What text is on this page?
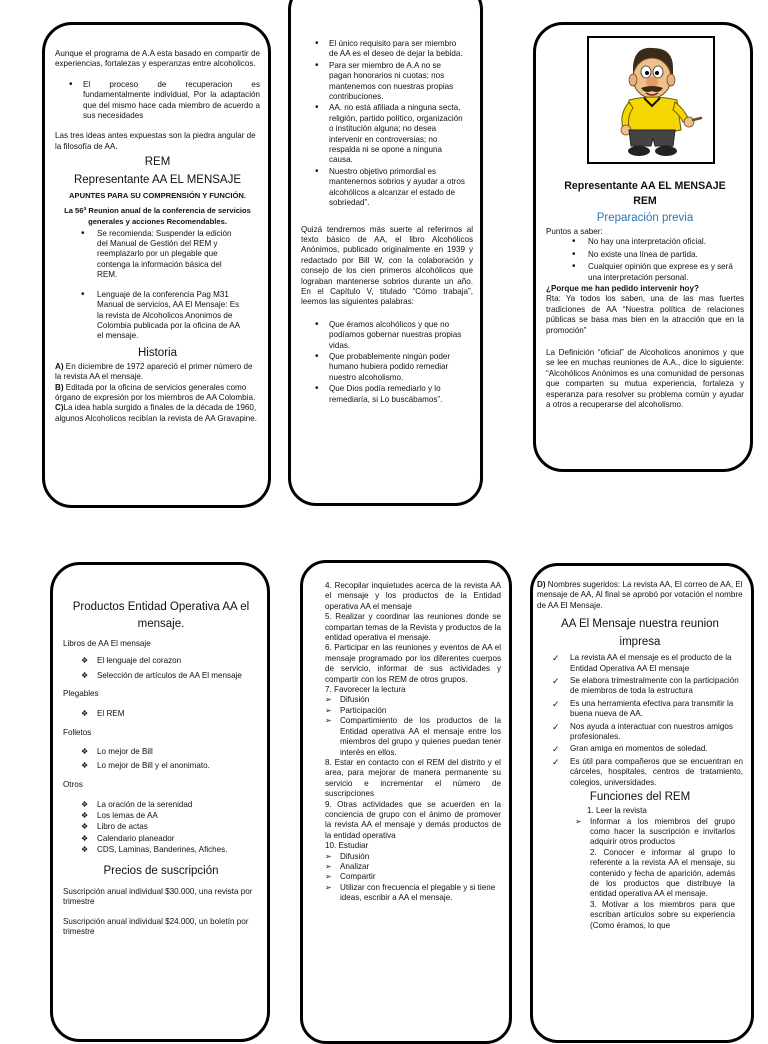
Aunque el programa de A.A esta basado en compartir de experiencias, fortalezas y esperanzas entre alcoholicos.

• El proceso de recuperacion es fundamentalmente individual, Por la adaptación que del mismo hace cada miembro de acuerdo a sus necesidades

Las tres ideas antes expuestas son la piedra angular de la filosofía de AA.

REM

Representante AA EL MENSAJE

APUNTES PARA SU COMPRENSIÓN Y FUNCIÓN.

La 56ª Reunion anual de la conferencia de servicios generales y acciones Recomendables.

• Se recomienda: Suspender la edición del Manual de Gestión del REM y reemplazarlo por un plegable que contenga la información básica del REM.
• Lenguaje de la conferencia Pag M31 Manual de servicios, AA El Mensaje: Es la revista de Alcoholicos Anonimos de Colombia publicada por la oficina de AA el mensaje.

Historia

A) En diciembre de 1972 apareció el primer número de la revista AA el mensaje.

B) Editada por la oficina de servicios generales como órgano de expresión por los miembros de AA Colombia.

C)La idea había surgido a finales de la década de 1960, algunos Alcoholicos recibían la revista de AA Gravapine.

• El único requisito para ser miembro de AA es el deseo de dejar la bebida.
• Para ser miembro de A.A no se pagan honorarios ni cuotas; nos mantenemos con nuestras propias contribuciones.
• AA. no está afiliada a ninguna secta, religión, partido político, organización o institución alguna; no desea intervenir en controversias; no respalda ni se opone a ninguna causa.
• Nuestro objetivo primordial es mantenernos sobrios y ayudar a otros alcohólicos a alcanzar el estado de sobriedad”.

Quizá tendremos más suerte al referirnos al texto básico de AA, el libro Alcohólicos Anónimos, publicado originalmente en 1939 y redactado por Bill W, con la colaboración y consejo de los cien primeros alcohólicos que lograban mantenerse sobrios durante un año. En el Capítulo V, titulado “Cómo trabaja”, leemos las siguientes palabras:

• Que éramos alcohólicos y que no podíamos gobernar nuestras propias vidas.
• Que probablemente ningún poder humano hubiera podido remediar nuestro alcoholismo.
• Que Dios podía remediarlo y lo remediaría, si Lo buscábamos”.

Representante AA EL MENSAJE REM

Preparación previa

Puntos a saber:

• No hay una interpretación oficial.
• No existe una línea de partida.
• Cualquier opinión que exprese es y será una interpretación personal.

¿Porque me han pedido intervenir hoy?

Rta: Ya todos los saben, una de las mas fuertes tradiciones de AA “Nuestra política de relaciones públicas se basa mas bien en la atracción que en la promoción”

La Definición “oficial” de Alcoholicos anonimos y que se lee en muchas reuniones de A.A., dice lo siguiente: “Alcohólicos Anónimos es una comunidad de personas que comparten su mutua experiencia, fortaleza y esperanza para resolver su problema común y ayudar a otros a recuperarse del alcoholismo.

Productos Entidad Operativa AA el mensaje.

Libros de AA El mensaje

❖ El lenguaje del corazon
❖ Selección de artículos de AA El mensaje

Plegables

❖ El REM

Folletos

❖ Lo mejor de Bill
❖ Lo mejor de Bill y el anonimato.

Otros

❖ La oración de la serenidad
❖ Los lemas de AA
❖ Libro de actas
❖ Calendario planeador
❖ CDS, Laminas, Banderines, Afiches.

Precios de suscripción

Suscripción anual individual $30.000, una revista por trimestre

Suscripción anual individual $24.000, un boletín por trimestre

4. Recopilar inquietudes acerca de la revista AA el mensaje y los productos de la Entidad operativa AA el mensaje

5. Realizar y coordinar las reuniones donde se compartan temas de la Revista y productos de la entidad operativa el mensaje.

6. Participar en las reuniones y eventos de AA el mensaje programado por los diferentes cuerpos de servicio, informar de sus actividades y compartir con los REM de otros grupos.

7. Favorecer la lectura

➢ Difusión
➢ Participación
➢ Compartimiento de los productos de la Entidad operativa AA el mensaje entre los miembros del grupo y quienes puedan tener interés en ellos.

8. Estar en contacto con el REM del distrito y el area, para mejorar de manera permanente su servicio e incrementar el número de suscripciones

9. Otras actividades que se acuerden en la conciencia de grupo con el ánimo de promover la revista AA el mensaje y demás productos de la entidad operativa

10. Estudiar

➢ Difusión
➢ Analizar
➢ Compartir
➢ Utilizar con frecuencia el plegable y si tiene ideas, escribir a AA el mensaje.

D) Nombres sugeridos: La revista AA, El correo de AA, El mensaje de AA, Al final se aprobó por votación el nombre de AA El Mensaje.

AA El Mensaje nuestra reunion impresa

✓ La revista AA el mensaje es el producto de la Entidad Operativa AA El mensaje
✓ Se elabora trimestralmente con la participación de miembros de toda la estructura
✓ Es una herramienta efectiva para transmitir la buena nueva de AA.
✓ Nos ayuda a interactuar con nuestros amigos profesionales.
✓ Gran amiga en momentos de soledad.
✓ Es útil para compañeros que se encuentran en cárceles, hospitales, centros de tratamiento, colegios, universidades.

Funciones del REM

1. Leer la revista

➢ Informar a los miembros del grupo como hacer la suscripción e invitarlos adquirir otros productos

2. Conocer e informar al grupo lo referente a la revista AA el mensaje, su contenido y fecha de aparición, además de los productos que distribuye la entidad operativa AA el mensaje.

3. Motivar a los miembros para que escriban artículos sobre su experiencia (Como éramos, lo que
